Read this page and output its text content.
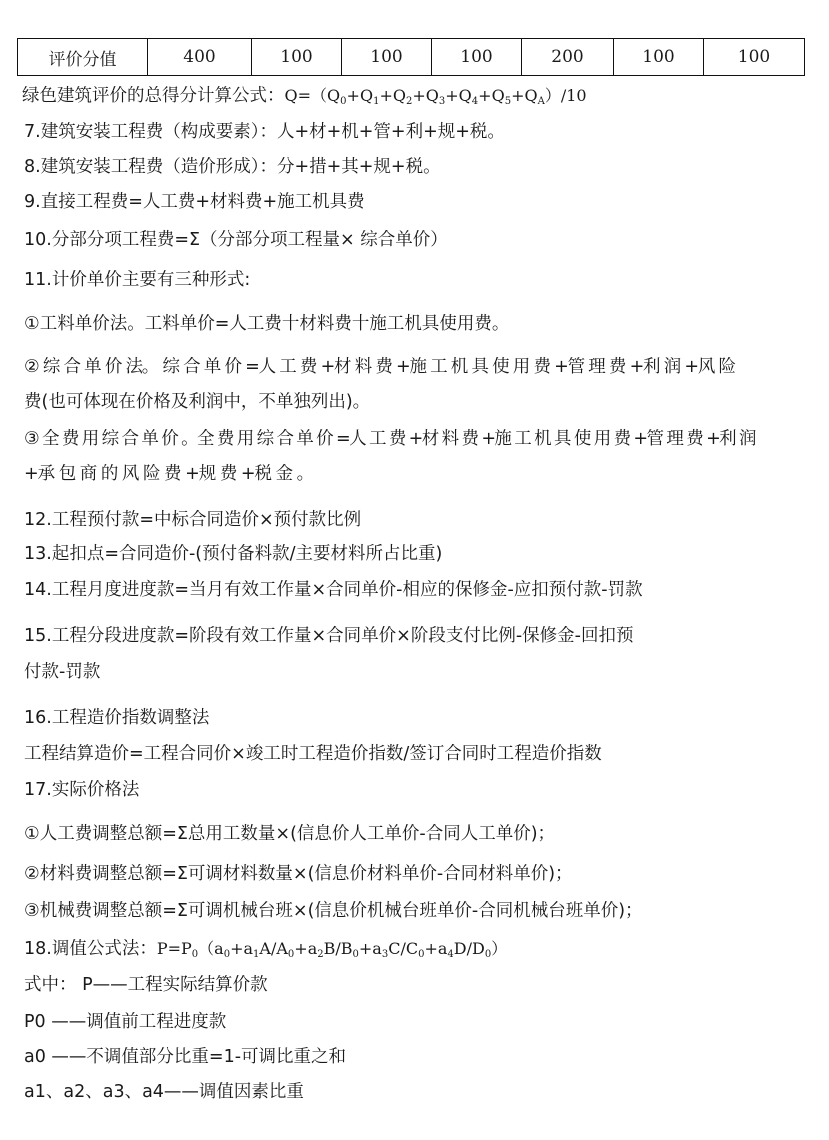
评价分值	400	100	100	100	200	100	100
绿色建筑评价的总得分计算公式：$Q=(Q_0+Q_1+Q_2+Q_3+Q_4+Q_5+Q_A)/10$
7.建筑安装工程费（构成要素）：人+材+机+管+利+规+税。
8.建筑安装工程费（造价形成）：分+措+其+规+税。
9.直接工程费=人工费+材料费+施工机具费
10.分部分项工程费=Σ（分部分项工程量× 综合单价）
11.计价单价主要有三种形式:
①工料单价法。工料单价=人工费十材料费十施工机具使用费。
② 综 合 单 价 法。 综 合 单 价 =人 工 费 +材 料 费 +施 工 机 具 使 用 费 +管 理 费 +利 润 +风 险
费(也可体现在价格及利润中，不单独列出)。
③ 全 费 用 综 合 单 价 。全 费 用 综 合 单 价 =人 工 费 +材 料 费 +施 工 机 具 使 用 费 +管 理 费 +利 润
+承 包 商 的 风 险 费 +规 费 +税 金 。
12.工程预付款=中标合同造价×预付款比例
13.起扣点=合同造价-(预付备料款/主要材料所占比重)
14.工程月度进度款=当月有效工作量×合同单价-相应的保修金-应扣预付款-罚款
15.工程分段进度款=阶段有效工作量×合同单价×阶段支付比例-保修金-回扣预
付款-罚款
16.工程造价指数调整法
工程结算造价=工程合同价×竣工时工程造价指数/签订合同时工程造价指数
17.实际价格法
①人工费调整总额=Σ总用工数量×(信息价人工单价-合同人工单价)；
②材料费调整总额=Σ可调材料数量×(信息价材料单价-合同材料单价)；
③机械费调整总额=Σ可调机械台班×(信息价机械台班单价-合同机械台班单价)；
18.调值公式法：$P=P_0(a_0+a_1A/A_0+a_2B/B_0+a_3C/C_0+a_4D/D_0)$
式中： P——工程实际结算价款
P0 ——调值前工程进度款
a0 ——不调值部分比重=1-可调比重之和
a1、a2、a3、a4——调值因素比重
